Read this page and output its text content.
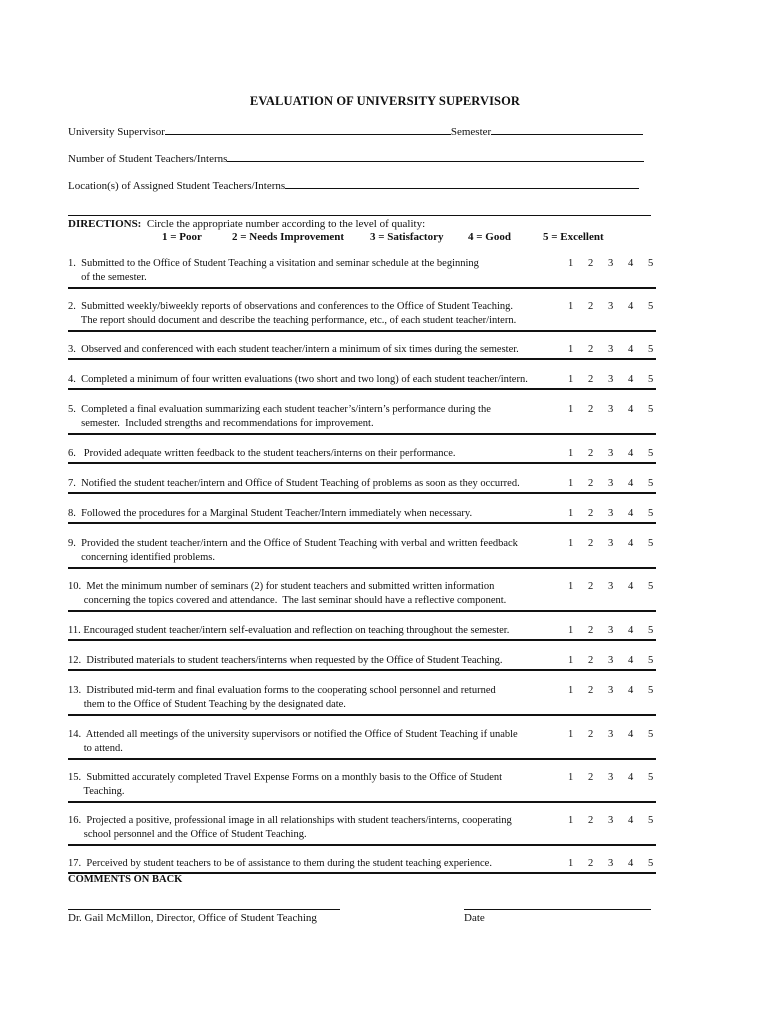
EVALUATION OF UNIVERSITY SUPERVISOR
University Supervisor	Semester
Number of Student Teachers/Interns
Location(s) of Assigned Student Teachers/Interns
DIRECTIONS: Circle the appropriate number according to the level of quality:
1 = Poor	2 = Needs Improvement 3 = Satisfactory 4 = Good	5 = Excellent
1.  Submitted to the Office of Student Teaching a visitation and seminar schedule at the beginning
of the semester.
1 2 3 4 5
2.  Submitted weekly/biweekly reports of observations and conferences to the Office of Student Teaching.
The report should document and describe the teaching performance, etc., of each student teacher/intern.
1 2 3 4 5
3.  Observed and conferenced with each student teacher/intern a minimum of six times during the semester.	1 2 3 4 5
4.  Completed a minimum of four written evaluations (two short and two long) of each student teacher/intern.	1 2 3 4 5
5.  Completed a final evaluation summarizing each student teacher’s/intern’s performance during the
semester.  Included strengths and recommendations for improvement.
1 2 3 4 5
6.   Provided adequate written feedback to the student teachers/interns on their performance.	1 2 3 4 5
7.  Notified the student teacher/intern and Office of Student Teaching of problems as soon as they occurred.	1 2 3 4 5
8.  Followed the procedures for a Marginal Student Teacher/Intern immediately when necessary.	1 2 3 4 5
9.  Provided the student teacher/intern and the Office of Student Teaching with verbal and written feedback
concerning identified problems.
1 2 3 4 5
10.  Met the minimum number of seminars (2) for student teachers and submitted written information
concerning the topics covered and attendance.  The last seminar should have a reflective component.
1 2 3 4 5
11. Encouraged student teacher/intern self-evaluation and reflection on teaching throughout the semester.	1 2 3 4 5
12.  Distributed materials to student teachers/interns when requested by the Office of Student Teaching.	1 2 3 4 5
13.  Distributed mid-term and final evaluation forms to the cooperating school personnel and returned
them to the Office of Student Teaching by the designated date.
1 2 3 4 5
14.  Attended all meetings of the university supervisors or notified the Office of Student Teaching if unable
to attend.
1 2 3 4 5
15.  Submitted accurately completed Travel Expense Forms on a monthly basis to the Office of Student
Teaching.
1 2 3 4 5
16.  Projected a positive, professional image in all relationships with student teachers/interns, cooperating
school personnel and the Office of Student Teaching.
1 2 3 4 5
17.  Perceived by student teachers to be of assistance to them during the student teaching experience.	1 2 3 4 5
COMMENTS ON BACK
Dr. Gail McMillon, Director, Office of Student Teaching	Date
